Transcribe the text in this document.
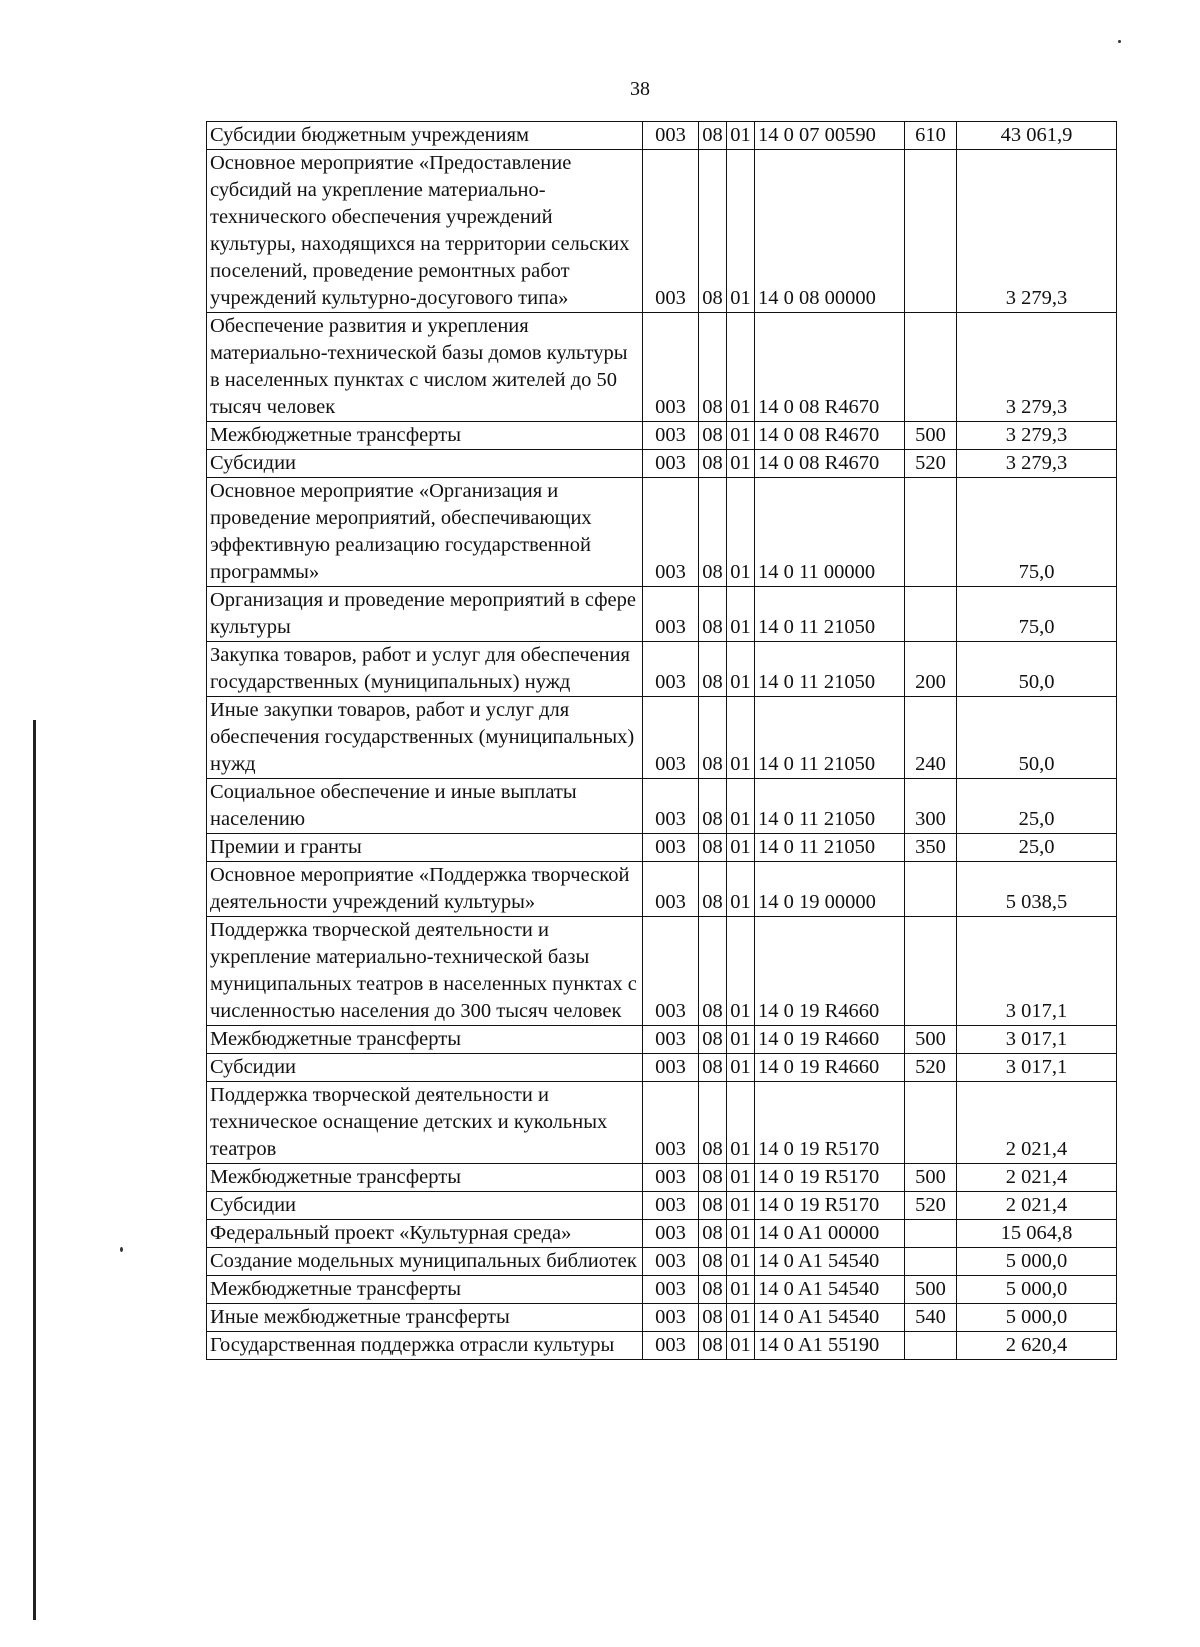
38
Субсидии бюджетным учреждениям	003	08	01	14 0 07 00590	610	43 061,9
Основное мероприятие «Предоставление субсидий на укрепление материально-технического обеспечения учреждений культуры, находящихся на территории сельских поселений, проведение ремонтных работ учреждений культурно-досугового типа»	003	08	01	14 0 08 00000		3 279,3
Обеспечение развития и укрепления материально-технической базы домов культуры в населенных пунктах с числом жителей до 50 тысяч человек	003	08	01	14 0 08 R4670		3 279,3
Межбюджетные трансферты	003	08	01	14 0 08 R4670	500	3 279,3
Субсидии	003	08	01	14 0 08 R4670	520	3 279,3
Основное мероприятие «Организация и проведение мероприятий, обеспечивающих эффективную реализацию государственной программы»	003	08	01	14 0 11 00000		75,0
Организация и проведение мероприятий в сфере культуры	003	08	01	14 0 11 21050		75,0
Закупка товаров, работ и услуг для обеспечения государственных (муниципальных) нужд	003	08	01	14 0 11 21050	200	50,0
Иные закупки товаров, работ и услуг для обеспечения государственных (муниципальных) нужд	003	08	01	14 0 11 21050	240	50,0
Социальное обеспечение и иные выплаты населению	003	08	01	14 0 11 21050	300	25,0
Премии и гранты	003	08	01	14 0 11 21050	350	25,0
Основное мероприятие «Поддержка творческой деятельности учреждений культуры»	003	08	01	14 0 19 00000		5 038,5
Поддержка творческой деятельности и укрепление материально-технической базы муниципальных театров в населенных пунктах с численностью населения до 300 тысяч человек	003	08	01	14 0 19 R4660		3 017,1
Межбюджетные трансферты	003	08	01	14 0 19 R4660	500	3 017,1
Субсидии	003	08	01	14 0 19 R4660	520	3 017,1
Поддержка творческой деятельности и техническое оснащение детских и кукольных театров	003	08	01	14 0 19 R5170		2 021,4
Межбюджетные трансферты	003	08	01	14 0 19 R5170	500	2 021,4
Субсидии	003	08	01	14 0 19 R5170	520	2 021,4
Федеральный проект «Культурная среда»	003	08	01	14 0 A1 00000		15 064,8
Создание модельных муниципальных библиотек	003	08	01	14 0 A1 54540		5 000,0
Межбюджетные трансферты	003	08	01	14 0 A1 54540	500	5 000,0
Иные межбюджетные трансферты	003	08	01	14 0 A1 54540	540	5 000,0
Государственная поддержка отрасли культуры	003	08	01	14 0 A1 55190		2 620,4
